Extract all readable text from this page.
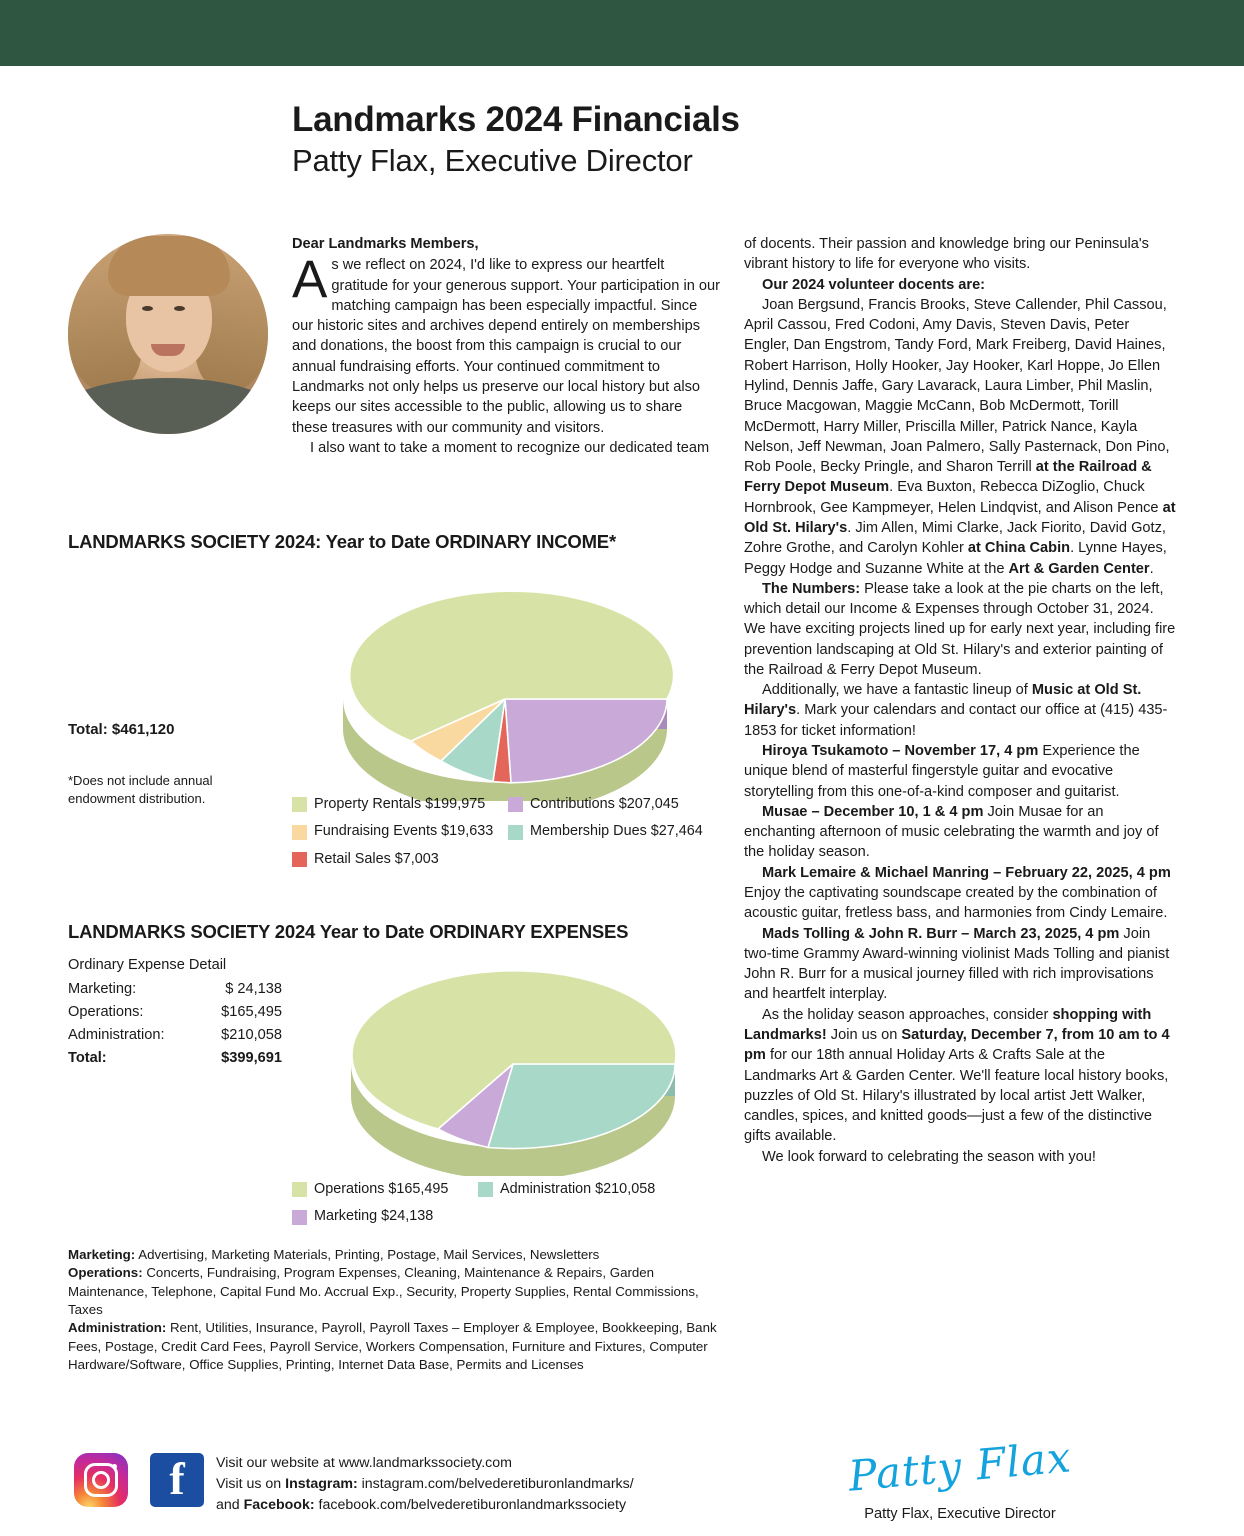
Landmarks 2024 Financials
Patty Flax, Executive Director

Dear Landmarks Members,

As we reflect on 2024, I'd like to express our heartfelt gratitude for your generous support. Your participation in our matching campaign has been especially impactful. Since our historic sites and archives depend entirely on memberships and donations, the boost from this campaign is crucial to our annual fundraising efforts. Your continued commitment to Landmarks not only helps us preserve our local history but also keeps our sites accessible to the public, allowing us to share these treasures with our community and visitors.

I also want to take a moment to recognize our dedicated team

of docents. Their passion and knowledge bring our Peninsula's vibrant history to life for everyone who visits.

Our 2024 volunteer docents are:

Joan Bergsund, Francis Brooks, Steve Callender, Phil Cassou, April Cassou, Fred Codoni, Amy Davis, Steven Davis, Peter Engler, Dan Engstrom, Tandy Ford, Mark Freiberg, David Haines, Robert Harrison, Holly Hooker, Jay Hooker, Karl Hoppe, Jo Ellen Hylind, Dennis Jaffe, Gary Lavarack, Laura Limber, Phil Maslin, Bruce Macgowan, Maggie McCann, Bob McDermott, Torill McDermott, Harry Miller, Priscilla Miller, Patrick Nance, Kayla Nelson, Jeff Newman, Joan Palmero, Sally Pasternack, Don Pino, Rob Poole, Becky Pringle, and Sharon Terrill at the Railroad & Ferry Depot Museum. Eva Buxton, Rebecca DiZoglio, Chuck Hornbrook, Gee Kampmeyer, Helen Lindqvist, and Alison Pence at Old St. Hilary's. Jim Allen, Mimi Clarke, Jack Fiorito, David Gotz, Zohre Grothe, and Carolyn Kohler at China Cabin. Lynne Hayes, Peggy Hodge and Suzanne White at the Art & Garden Center.

The Numbers: Please take a look at the pie charts on the left, which detail our Income & Expenses through October 31, 2024. We have exciting projects lined up for early next year, including fire prevention landscaping at Old St. Hilary's and exterior painting of the Railroad & Ferry Depot Museum.

Additionally, we have a fantastic lineup of Music at Old St. Hilary's. Mark your calendars and contact our office at (415) 435-1853 for ticket information!

Hiroya Tsukamoto – November 17, 4 pm Experience the unique blend of masterful fingerstyle guitar and evocative storytelling from this one-of-a-kind composer and guitarist.

Musae – December 10, 1 & 4 pm Join Musae for an enchanting afternoon of music celebrating the warmth and joy of the holiday season.

Mark Lemaire & Michael Manring – February 22, 2025, 4 pm Enjoy the captivating soundscape created by the combination of acoustic guitar, fretless bass, and harmonies from Cindy Lemaire.

Mads Tolling & John R. Burr – March 23, 2025, 4 pm Join two-time Grammy Award-winning violinist Mads Tolling and pianist John R. Burr for a musical journey filled with rich improvisations and heartfelt interplay.

As the holiday season approaches, consider shopping with Landmarks! Join us on Saturday, December 7, from 10 am to 4 pm for our 18th annual Holiday Arts & Crafts Sale at the Landmarks Art & Garden Center. We'll feature local history books, puzzles of Old St. Hilary's illustrated by local artist Jett Walker, candles, spices, and knitted goods—just a few of the distinctive gifts available.

We look forward to celebrating the season with you!

LANDMARKS SOCIETY 2024: Year to Date ORDINARY INCOME*
Total: $461,120
*Does not include annual endowment distribution.	Property Rentals $199,975	Contributions $207,045
Fundraising Events $19,633	Membership Dues $27,464
Retail Sales $7,003
LANDMARKS SOCIETY 2024 Year to Date ORDINARY EXPENSES
Ordinary Expense Detail
Marketing:	$ 24,138
Operations:	$165,495
Administration:	$210,058
Total:	$399,691
Operations $165,495	Administration $210,058
Marketing $24,138

Marketing: Advertising, Marketing Materials, Printing, Postage, Mail Services, Newsletters

Operations: Concerts, Fundraising, Program Expenses, Cleaning, Maintenance & Repairs, Garden Maintenance, Telephone, Capital Fund Mo. Accrual Exp., Security, Property Supplies, Rental Commissions, Taxes

Administration: Rent, Utilities, Insurance, Payroll, Payroll Taxes – Employer & Employee, Bookkeeping, Bank Fees, Postage, Credit Card Fees, Payroll Service, Workers Compensation, Furniture and Fixtures, Computer Hardware/Software, Office Supplies, Printing, Internet Data Base, Permits and Licenses

f	Visit our website at www.landmarkssociety.com
Visit us on Instagram: instagram.com/belvederetiburonlandmarks/
and Facebook: facebook.com/belvederetiburonlandmarkssociety
Patty Flax
Patty Flax, Executive Director
